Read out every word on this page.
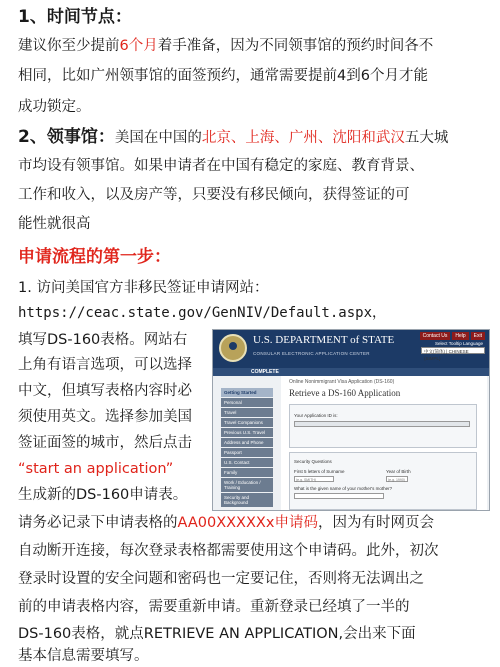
1、时间节点：
建议你至少提前6个月着手准备，因为不同领事馆的预约时间各不
相同，比如广州领事馆的面签预约，通常需要提前4到6个月才能
成功锁定。
2、领事馆：美国在中国的北京、上海、广州、沈阳和武汉五大城
市均设有领事馆。如果申请者在中国有稳定的家庭、教育背景、
工作和收入，以及房产等，只要没有移民倾向，获得签证的可
能性就很高
申请流程的第一步：
1. 访问美国官方非移民签证申请网站：
https://ceac.state.gov/GenNIV/Default.aspx，
填写DS-160表格。网站右
上角有语言选项，可以选择
中文，但填写表格内容时必
须使用英文。选择参加美国
签证面签的城市，然后点击
“start an application”
生成新的DS-160申请表。
请务必记录下申请表格的AA00XXXXXx申请码，因为有时网页会
自动断开连接，每次登录表格都需要使用这个申请码。此外，初次
登录时设置的安全问题和密码也一定要记住，否则将无法调出之
前的申请表格内容，需要重新申请。重新登录已经填了一半的
DS-160表格，就点RETRIEVE AN APPLICATION,会出来下面
基本信息需要填写。
U.S. DEPARTMENT of STATE
CONSULAR ELECTRONIC APPLICATION CENTER
Contact Us	Help	Exit
Select Tooltip Language
中文(简体) | CHINESE (SIMPL)
COMPLETE
Getting Started
Personal
Travel
Travel Companions
Previous U.S. Travel
Address and Phone
Passport
U.S. Contact
Family
Work / Education / Training
Security and Background
Online Nonimmigrant Visa Application (DS-160)
Retrieve a DS-160 Application
Your Application ID is:
Security Questions
First 5 letters of Surname	Year of Birth
(e.g. SMITH)	(e.g. 1990)
What is the given name of your mother's mother?
